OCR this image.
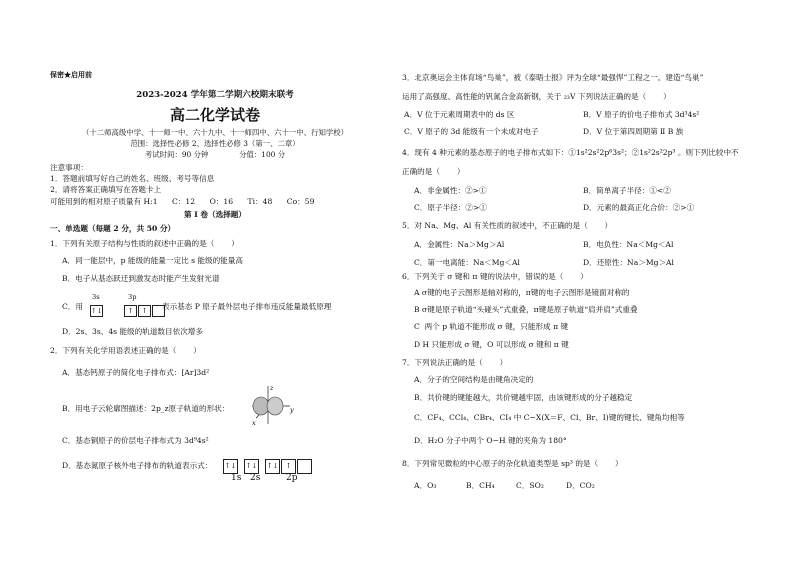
保密★启用前
2023-2024 学年第二学期六校期末联考
高二化学试卷
（十二师高级中学、十一师一中、六十九中、十一师四中、六十一中、行知学校）
范围：选择性必修 2、选择性必修 3（第一、二章）
考试时间：90 分钟	分值：100 分
注意事项：
1．答题前填写好自己的姓名、班级、考号等信息
2．请将答案正确填写在答题卡上
可能用到的相对原子质量有 H:1      C：12      O：16      Ti：48      Co：59
第 I 卷（选择题）
一、单选题（每题 2 分，共 50 分）
1．下列有关原子结构与性质的叙述中正确的是（       ）
A．同一能层中，p 能级的能量一定比 s 能级的能量高
B．电子从基态跃迁到激发态时能产生发射光谱
C．用
3s	3p
↑↓	↑ ↑	表示基态 P 原子最外层电子排布违反能量最低原理
D．2s、3s、4s 能级的轨道数目依次增多
2．下列有关化学用语表述正确的是（       ）
A．基态钙原子的简化电子排布式：[Ar]3d²
B．用电子云轮廓图描述：2p_z原子轨道的形状：
z
y
x
C．基态铜原子的价层电子排布式为 3d⁹4s²
D．基态氮原子核外电子排布的轨道表示式： ↑↓ ↑↓ ↑↓ ↑
1s 2s	2p
3．北京奥运会主体育场“鸟巢”，被《泰晤士报》评为全球“最强悍”工程之一。建造“鸟巢”
运用了高强度、高性能的钒氮合金高新钢，关于 ₂₃V 下列说法正确的是（       ）
A．V 位于元素周期表中的 ds 区	B．V 原子的价电子排布式 3d³4s²
C．V 原子的 3d 能级有一个未成对电子	D．V 位于第四周期第 Ⅱ B 族
4．现有 4 种元素的基态原子的电子排布式如下：①1s²2s²2p⁶3s²；②1s²2s²2p³ 。则下列比较中不
正确的是（       ）
A．非金属性：②>①	B．简单离子半径：①<②
C．原子半径：②>①	D．元素的最高正化合价：②>①
5．对 Na、Mg、Al 有关性质的叙述中，不正确的是（       ）
A．金属性：Na＞Mg＞Al	B．电负性：Na＜Mg＜Al
C．第一电离能：Na＜Mg＜Al	D．还原性：Na＞Mg＞Al
6．下列关于 σ 键和 π 键的说法中，错误的是（       ）
A σ键的电子云图形是轴对称的，π键的电子云图形是镜面对称的
B σ键是原子轨道“头碰头”式重叠，π键是原子轨道“肩并肩”式重叠
C  两个 p 轨道不能形成 σ 键，只能形成 π 键
D H 只能形成 σ 键，O 可以形成 σ 键和 π 键
7．下列说法正确的是（       ）
A．分子的空间结构是由键角决定的
B．共价键的键能越大，共价键越牢固，由该键形成的分子越稳定
C．CF₄、CCl₄、CBr₄、CI₄ 中 C−X(X＝F、Cl、Br、I)键的键长、键角均相等
D．H₂O 分子中两个 O−H 键的夹角为 180°
8．下列常见微粒的中心原子的杂化轨道类型是 sp³ 的是（       ）
A．O₃	B．CH₄	C．SO₂	D．CO₂
